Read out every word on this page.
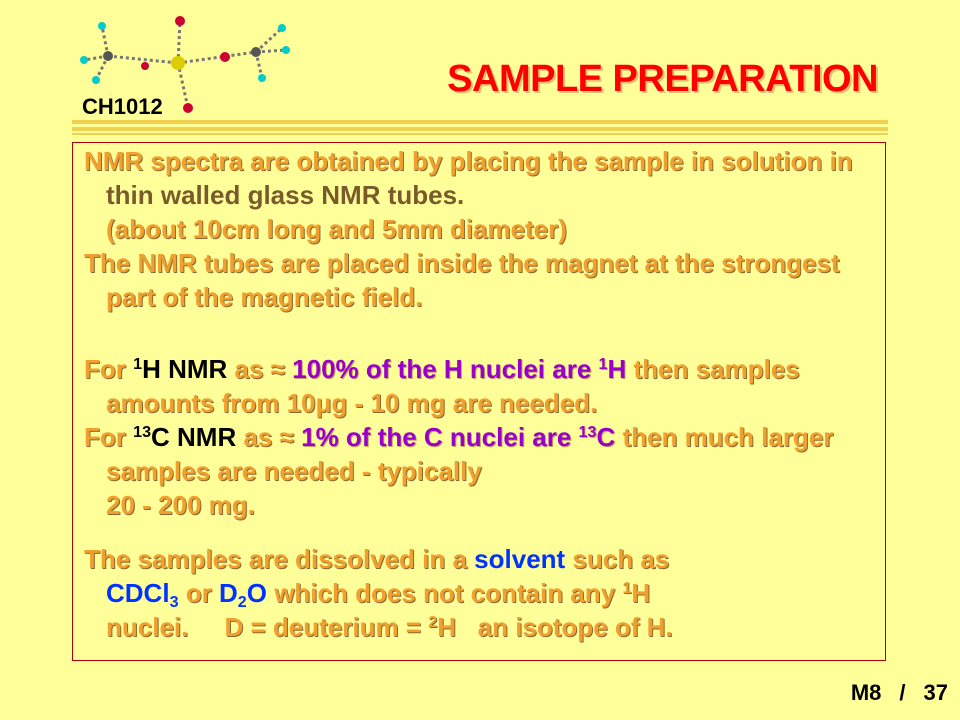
CH1012
SAMPLE PREPARATION

NMR spectra are obtained by placing the sample in solution in thin walled glass NMR tubes.
(about 10cm long and 5mm diameter)

The NMR tubes are placed inside the magnet at the strongest part of the magnetic field.

For $^1$H NMR as ≈ 100% of the H nuclei are $^1$H then samples amounts from 10μg - 10 mg are needed.

For $^{13}$C NMR as ≈ 1% of the C nuclei are $^{13}$C then much larger samples are needed - typically
20 - 200 mg.

The samples are dissolved in a solvent such as
CDCl$_3$ or $D_2O$ which does not contain any $^1$H
nuclei. D = deuterium = $^2$H an isotope of H.

M8 / 37
